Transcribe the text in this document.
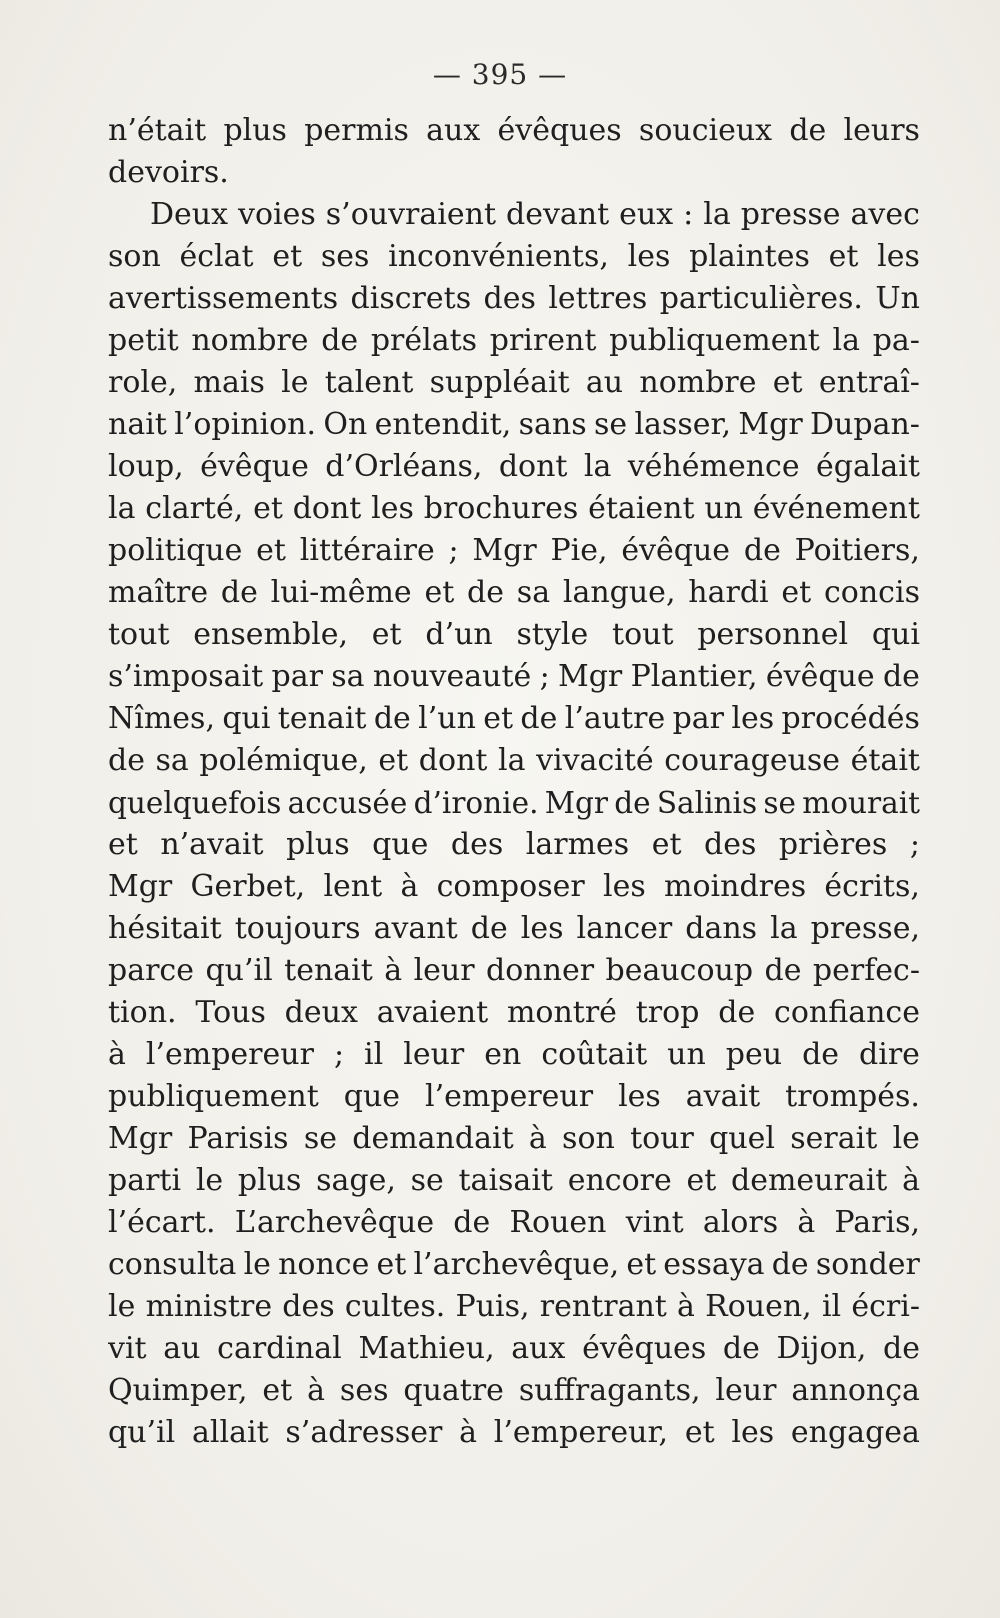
— 395 —
n’était plus permis aux évêques soucieux de leurs
devoirs.
Deux voies s’ouvraient devant eux : la presse avec
son éclat et ses inconvénients, les plaintes et les
avertissements discrets des lettres particulières. Un
petit nombre de prélats prirent publiquement la pa-
role, mais le talent suppléait au nombre et entraî-
nait l’opinion. On entendit, sans se lasser, Mgr Dupan-
loup, évêque d’Orléans, dont la véhémence égalait
la clarté, et dont les brochures étaient un événement
politique et littéraire ; Mgr Pie, évêque de Poitiers,
maître de lui-même et de sa langue, hardi et concis
tout ensemble, et d’un style tout personnel qui
s’imposait par sa nouveauté ; Mgr Plantier, évêque de
Nîmes, qui tenait de l’un et de l’autre par les procédés
de sa polémique, et dont la vivacité courageuse était
quelquefois accusée d’ironie. Mgr de Salinis se mourait
et n’avait plus que des larmes et des prières ;
Mgr Gerbet, lent à composer les moindres écrits,
hésitait toujours avant de les lancer dans la presse,
parce qu’il tenait à leur donner beaucoup de perfec-
tion. Tous deux avaient montré trop de confiance
à l’empereur ; il leur en coûtait un peu de dire
publiquement que l’empereur les avait trompés.
Mgr Parisis se demandait à son tour quel serait le
parti le plus sage, se taisait encore et demeurait à
l’écart. L’archevêque de Rouen vint alors à Paris,
consulta le nonce et l’archevêque, et essaya de sonder
le ministre des cultes. Puis, rentrant à Rouen, il écri-
vit au cardinal Mathieu, aux évêques de Dijon, de
Quimper, et à ses quatre suffragants, leur annonça
qu’il allait s’adresser à l’empereur, et les engagea
